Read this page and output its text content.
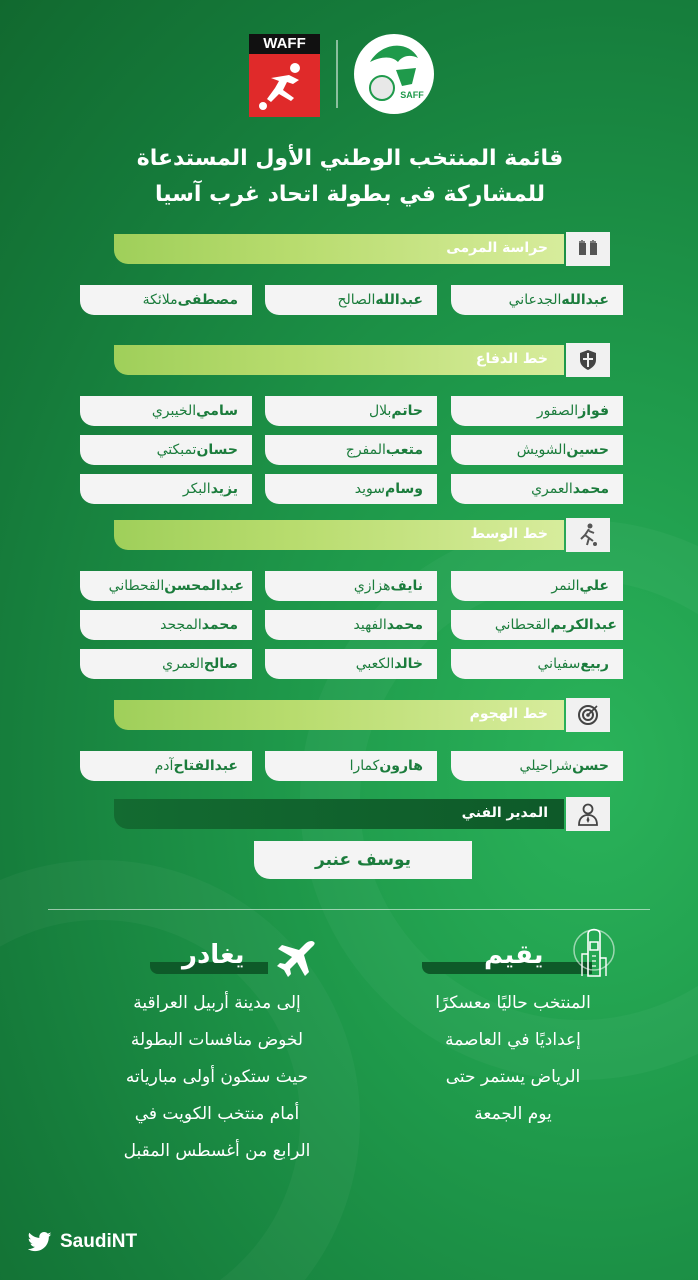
WAFF
SAFF
قائمة المنتخب الوطني الأول المستدعاة
للمشاركة في بطولة اتحاد غرب آسيا
حراسة المرمى
عبدالله
الجدعاني
عبدالله
الصالح
مصطفى
ملائكة
خط الدفاع
فواز
الصقور
حاتم
بلال
سامي
الخيبري
حسين
الشويش
متعب
المفرج
حسان
تمبكتي
محمد
العمري
وسام
سويد
يزيد
البكر
خط الوسط
علي
النمر
نايف
هزازي
عبدالمحسن
القحطاني
عبدالكريم
القحطاني
محمد
الفهيد
محمد
المجحد
ربيع
سفياني
خالد
الكعبي
صالح
العمري
خط الهجوم
حسن
شراحيلي
هارون
كمارا
عبدالفتاح
آدم
المدير الفني
يوسف عنبر
يقيم
المنتخب حاليًا معسكرًا
إعداديًا في العاصمة
الرياض يستمر حتى
يوم الجمعة
يغادر
إلى مدينة أربيل العراقية
لخوض منافسات البطولة
حيث ستكون أولى مبارياته
أمام منتخب الكويت في
الرابع من أغسطس المقبل
SaudiNT
